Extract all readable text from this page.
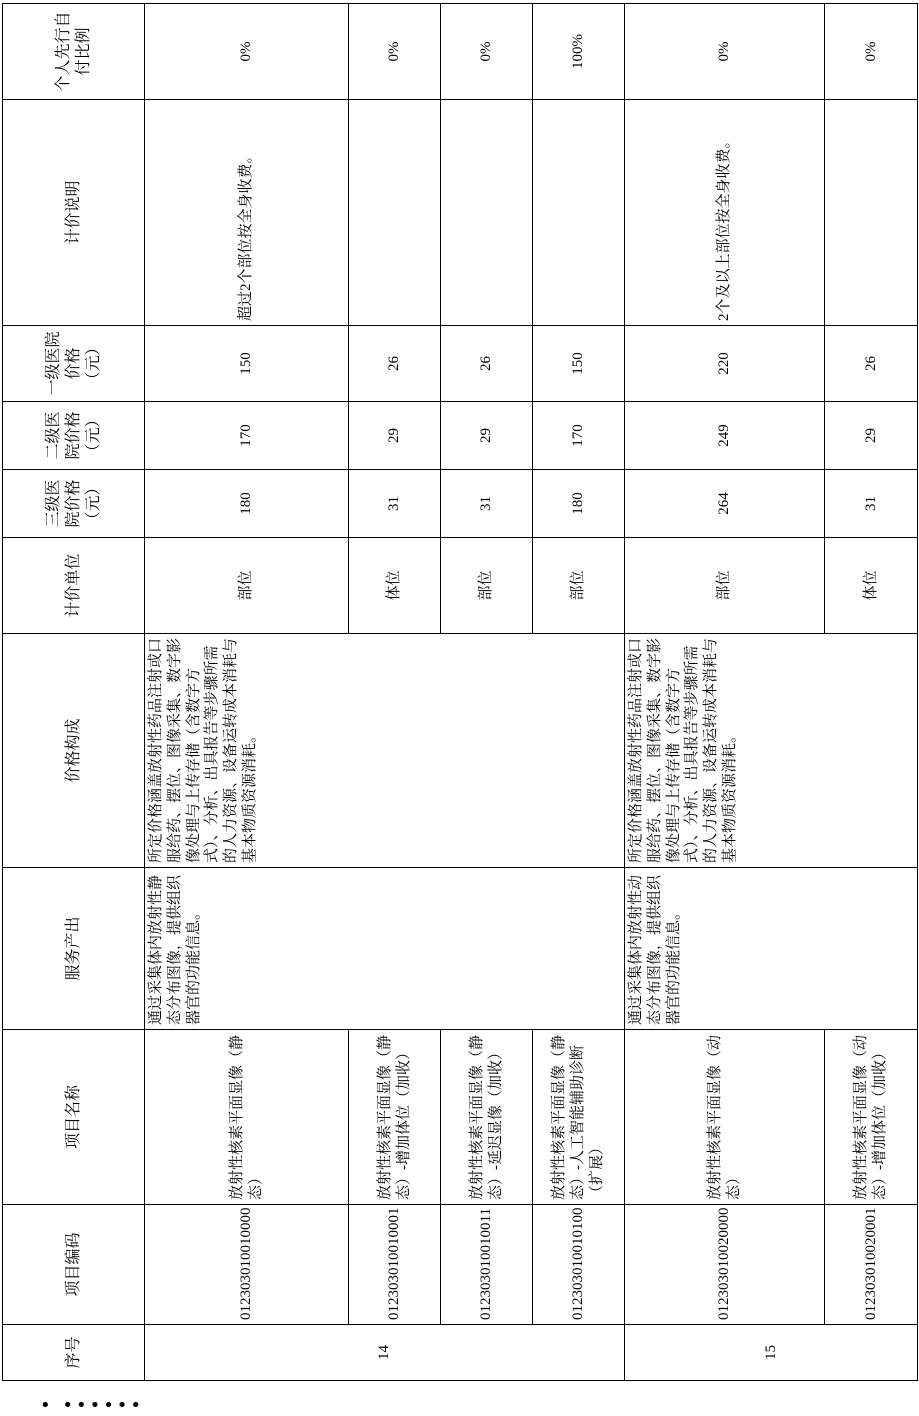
序号	项目编码	项目名称	服务产出	价格构成	计价单位	三级医院价格（元）	二级医院价格（元）	一级医院价格（元）	计价说明	个人先行自付比例
14	012303010010000	放射性核素平面显像（静态）	通过采集体内放射性静态分布图像，提供组织器官的功能信息。	所定价格涵盖放射性药品注射或口服给药、摆位、图像采集、数字影像处理与上传存储（含数字方式）、分析、出具报告等步骤所需的人力资源、设备运转成本消耗与基本物质资源消耗。	部位	180	170	150	超过2个部位按全身收费。	0%
	012303010010001	放射性核素平面显像（静态）-增加体位（加收）			体位	31	29	26		0%
	012303010010011	放射性核素平面显像（静态）-延迟显像（加收）			部位	31	29	26		0%
	012303010010100	放射性核素平面显像（静态）-人工智能辅助诊断（扩展）			部位	180	170	150		100%
15	012303010020000	放射性核素平面显像（动态）	通过采集体内放射性动态分布图像，提供组织器官的功能信息。	所定价格涵盖放射性药品注射或口服给药、摆位、图像采集、数字影像处理与上传存储（含数字方式）、分析、出具报告等步骤所需的人力资源、设备运转成本消耗与基本物质资源消耗。	部位	264	249	220	2个及以上部位按全身收费。	0%
	012303010020001	放射性核素平面显像（动态）-增加体位（加收）			体位	31	29	26		0%
• ••••••
